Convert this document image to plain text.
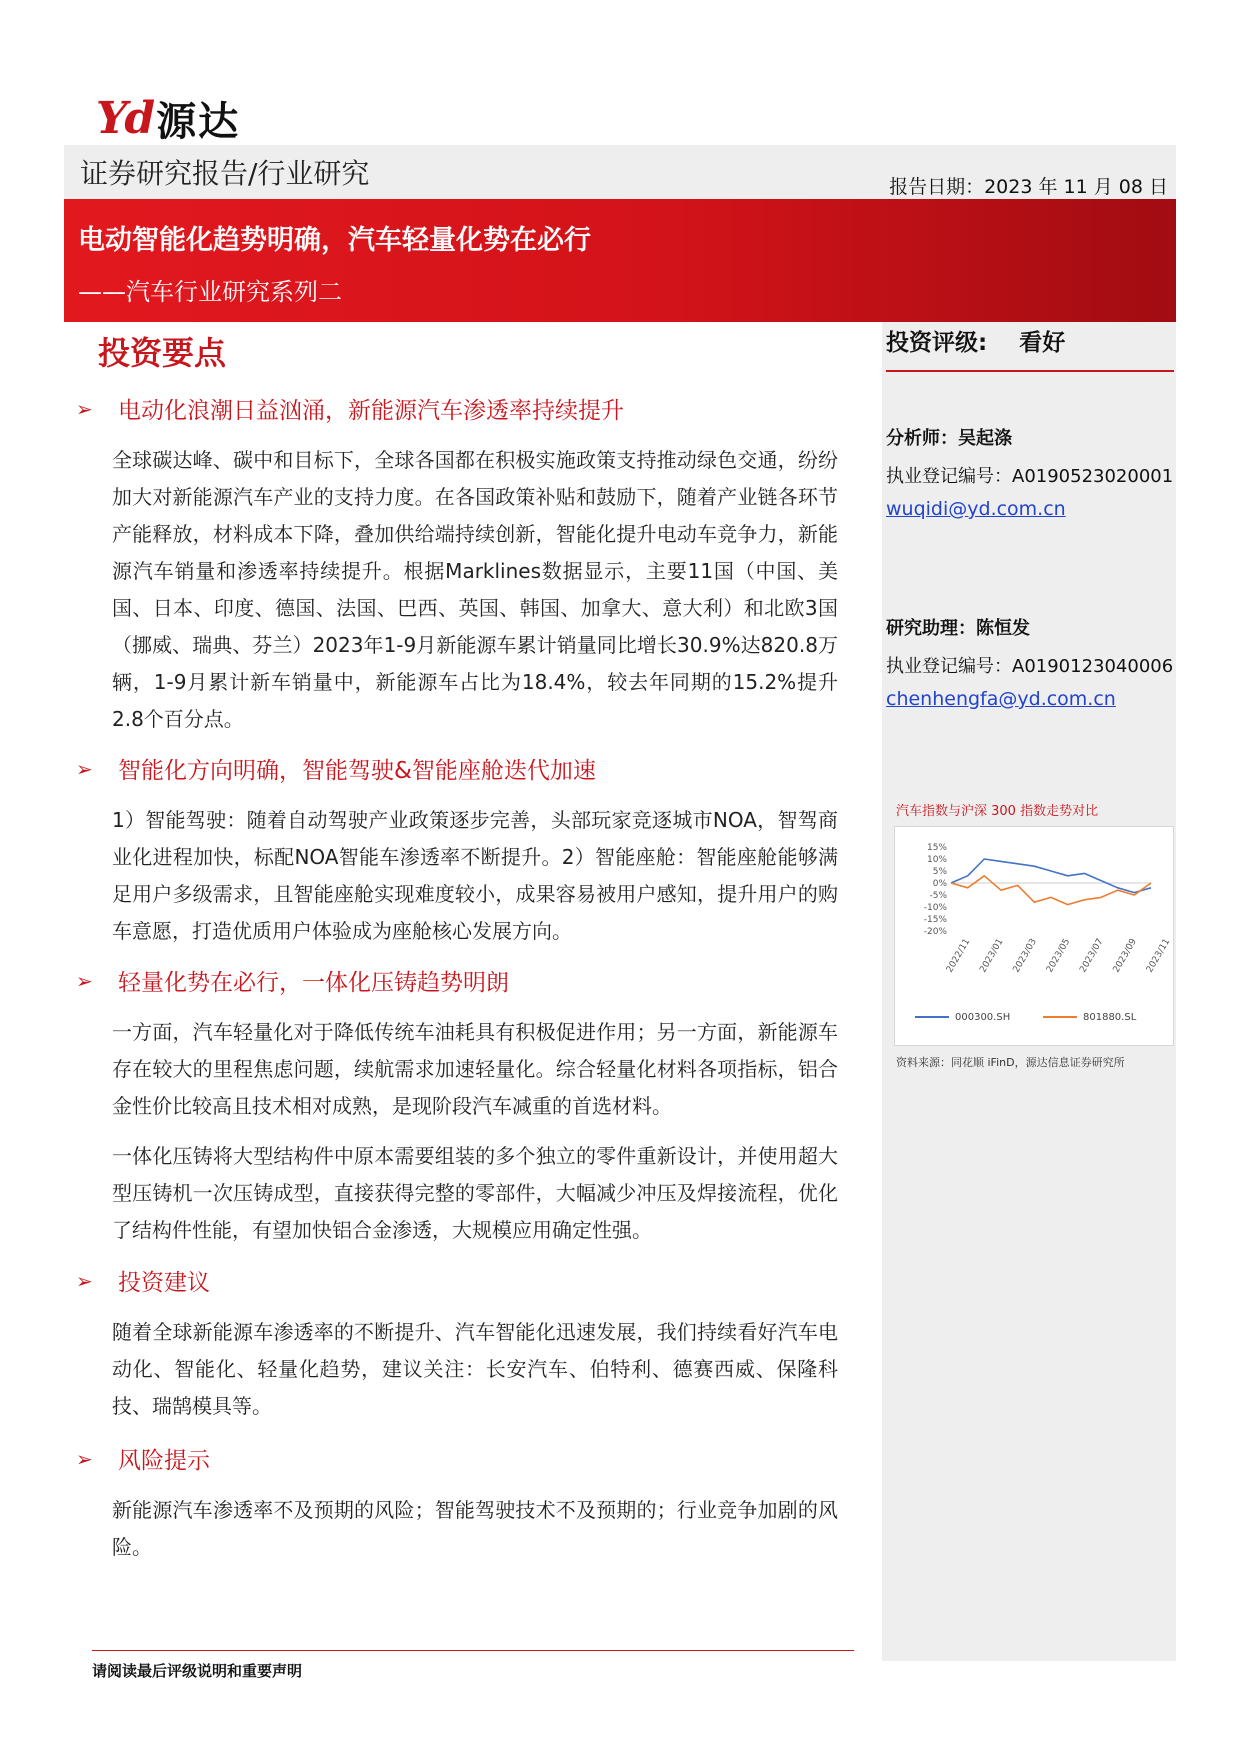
Yd 源达
证券研究报告/行业研究	报告日期：2023 年 11 月 08 日
电动智能化趋势明确，汽车轻量化势在必行
——汽车行业研究系列二
投资评级: 看好
分析师：吴起涤
执业登记编号：A0190523020001
wuqidi@yd.com.cn
研究助理：陈恒发
执业登记编号：A0190123040006
chenhengfa@yd.com.cn
汽车指数与沪深 300 指数走势对比
15%
10%
5%
0%
-5%
-10%
-15%
-20%
2022/11 2023/01 2023/03 2023/05 2023/07 2023/09 2023/11
000300.SH	801880.SL
资料来源：同花顺 iFinD，源达信息证券研究所
投资要点
➢	电动化浪潮日益汹涌，新能源汽车渗透率持续提升
全球碳达峰、碳中和目标下，全球各国都在积极实施政策支持推动绿色交通，纷纷加大对新能源汽车产业的支持力度。在各国政策补贴和鼓励下，随着产业链各环节产能释放，材料成本下降，叠加供给端持续创新，智能化提升电动车竞争力，新能源汽车销量和渗透率持续提升。根据Marklines数据显示，主要11国（中国、美国、日本、印度、德国、法国、巴西、英国、韩国、加拿大、意大利）和北欧3国（挪威、瑞典、芬兰）2023年1-9月新能源车累计销量同比增长30.9%达820.8万辆，1-9月累计新车销量中，新能源车占比为18.4%，较去年同期的15.2%提升2.8个百分点。
➢	智能化方向明确，智能驾驶&智能座舱迭代加速
1）智能驾驶：随着自动驾驶产业政策逐步完善，头部玩家竞逐城市NOA，智驾商业化进程加快，标配NOA智能车渗透率不断提升。2）智能座舱：智能座舱能够满足用户多级需求，且智能座舱实现难度较小，成果容易被用户感知，提升用户的购车意愿，打造优质用户体验成为座舱核心发展方向。
➢	轻量化势在必行，一体化压铸趋势明朗
一方面，汽车轻量化对于降低传统车油耗具有积极促进作用；另一方面，新能源车存在较大的里程焦虑问题，续航需求加速轻量化。综合轻量化材料各项指标，铝合金性价比较高且技术相对成熟，是现阶段汽车减重的首选材料。
一体化压铸将大型结构件中原本需要组装的多个独立的零件重新设计，并使用超大型压铸机一次压铸成型，直接获得完整的零部件，大幅减少冲压及焊接流程，优化了结构件性能，有望加快铝合金渗透，大规模应用确定性强。
➢	投资建议
随着全球新能源车渗透率的不断提升、汽车智能化迅速发展，我们持续看好汽车电动化、智能化、轻量化趋势，建议关注：长安汽车、伯特利、德赛西威、保隆科技、瑞鹄模具等。
➢	风险提示
新能源汽车渗透率不及预期的风险；智能驾驶技术不及预期的；行业竞争加剧的风险。
请阅读最后评级说明和重要声明
